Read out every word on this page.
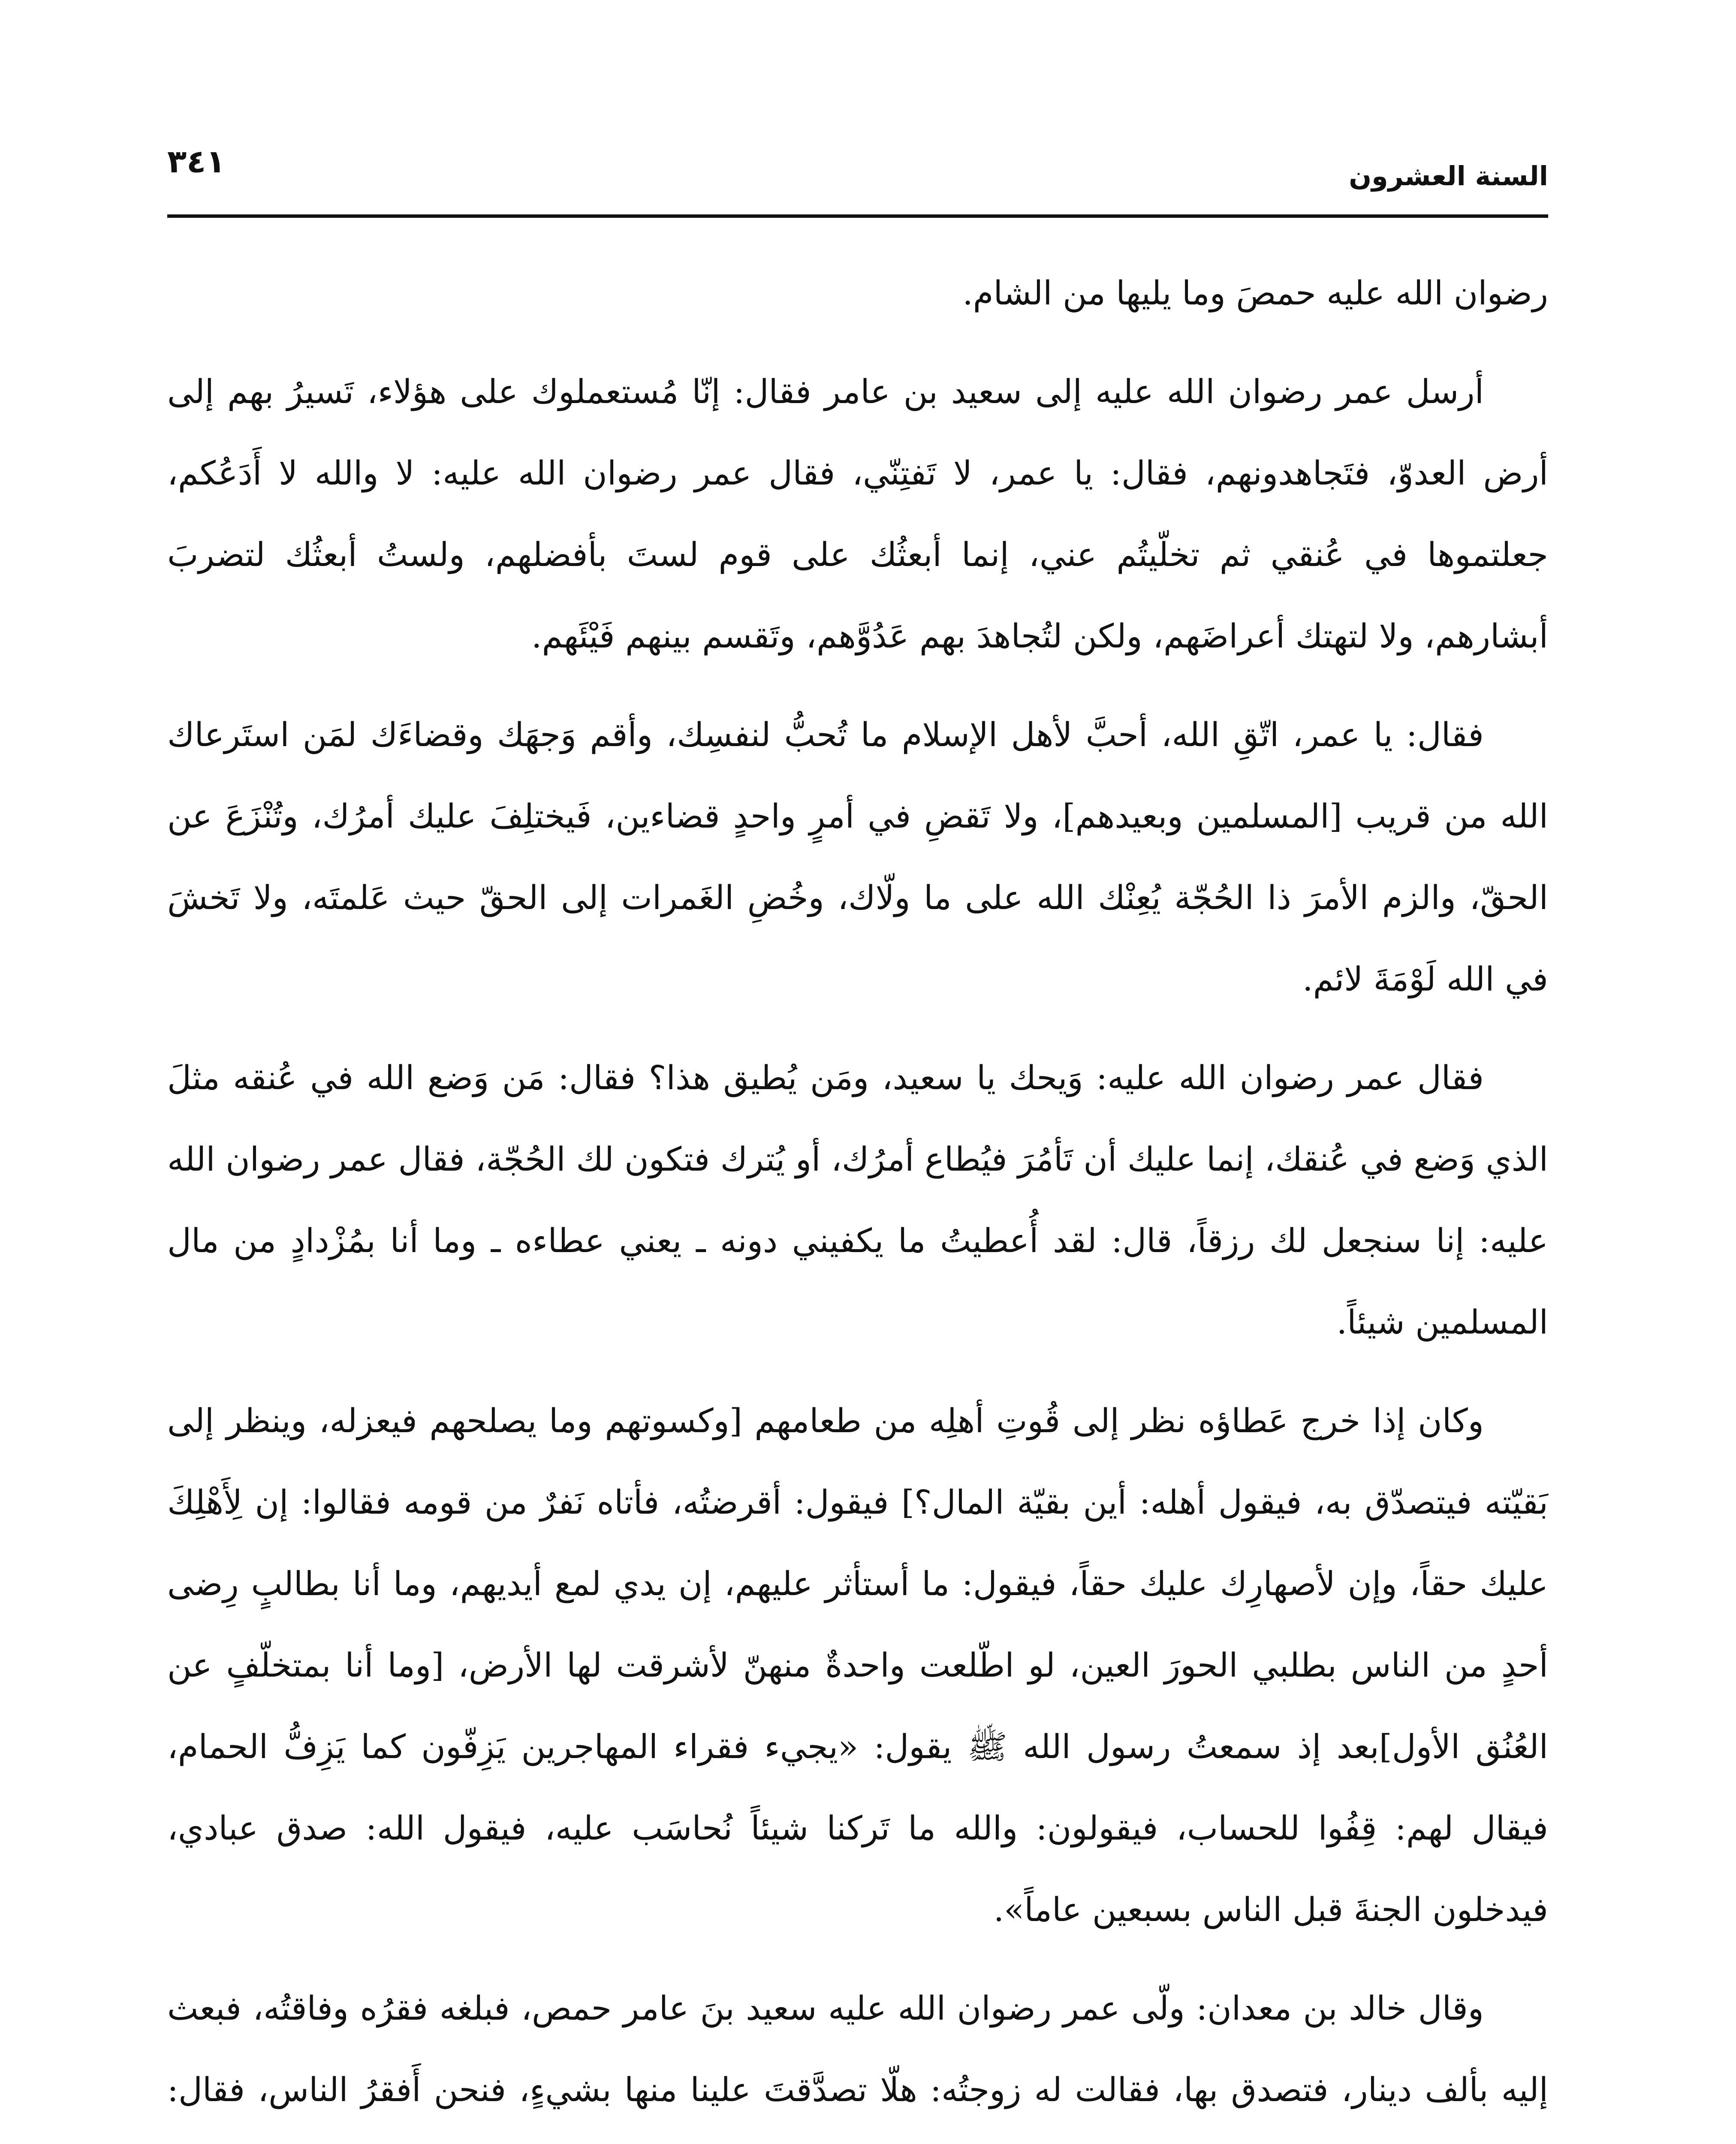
السنة العشرون
٣٤١

رضوان الله عليه حمصَ وما يليها من الشام.

أرسل عمر رضوان الله عليه إلى سعيد بن عامر فقال: إنّا مُستعملوك على هؤلاء، تَسيرُ بهم إلى أرض العدوّ، فتَجاهدونهم، فقال: يا عمر، لا تَفتِنّي، فقال عمر رضوان الله عليه: لا والله لا أَدَعُكم، جعلتموها في عُنقي ثم تخلّيتُم عني، إنما أبعثُك على قوم لستَ بأفضلهم، ولستُ أبعثُك لتضربَ أبشارهم، ولا لتهتك أعراضَهم، ولكن لتُجاهدَ بهم عَدُوَّهم، وتَقسم بينهم فَيْئَهم.

فقال: يا عمر، اتّقِ الله، أحبَّ لأهل الإسلام ما تُحبُّ لنفسِك، وأقم وَجهَك وقضاءَك لمَن استَرعاك الله من قريب [المسلمين وبعيدهم]، ولا تَقضِ في أمرٍ واحدٍ قضاءين، فَيختلِفَ عليك أمرُك، وتُنْزَعَ عن الحقّ، والزم الأمرَ ذا الحُجّة يُعِنْك الله على ما ولّاك، وخُضِ الغَمرات إلى الحقّ حيث عَلمتَه، ولا تَخشَ في الله لَوْمَةَ لائم.

فقال عمر رضوان الله عليه: وَيحك يا سعيد، ومَن يُطيق هذا؟ فقال: مَن وَضع الله في عُنقه مثلَ الذي وَضع في عُنقك، إنما عليك أن تَأمُرَ فيُطاع أمرُك، أو يُترك فتكون لك الحُجّة، فقال عمر رضوان الله عليه: إنا سنجعل لك رزقاً، قال: لقد أُعطيتُ ما يكفيني دونه ـ يعني عطاءه ـ وما أنا بمُزْدادٍ من مال المسلمين شيئاً.

وكان إذا خرج عَطاؤه نظر إلى قُوتِ أهلِه من طعامهم [وكسوتهم وما يصلحهم فيعزله، وينظر إلى بَقيّته فيتصدّق به، فيقول أهله: أين بقيّة المال؟] فيقول: أقرضتُه، فأتاه نَفرٌ من قومه فقالوا: إن لِأَهْلِكَ عليك حقاً، وإن لأصهارِك عليك حقاً، فيقول: ما أستأثر عليهم، إن يدي لمع أيديهم، وما أنا بطالبٍ رِضى أحدٍ من الناس بطلبي الحورَ العين، لو اطّلعت واحدةٌ منهنّ لأشرقت لها الأرض، [وما أنا بمتخلّفٍ عن العُنُق الأول]بعد إذ سمعتُ رسول الله ﷺ يقول: «يجيء فقراء المهاجرين يَزِفّون كما يَزِفُّ الحمام، فيقال لهم: قِفُوا للحساب، فيقولون: والله ما تَركنا شيئاً نُحاسَب عليه، فيقول الله: صدق عبادي، فيدخلون الجنةَ قبل الناس بسبعين عاماً».

وقال خالد بن معدان: ولّى عمر رضوان الله عليه سعيد بنَ عامر حمص، فبلغه فقرُه وفاقتُه، فبعث إليه بألف دينار، فتصدق بها، فقالت له زوجتُه: هلّا تصدَّقتَ علينا منها بشيءٍ، فنحن أَفقرُ الناس، فقال:
